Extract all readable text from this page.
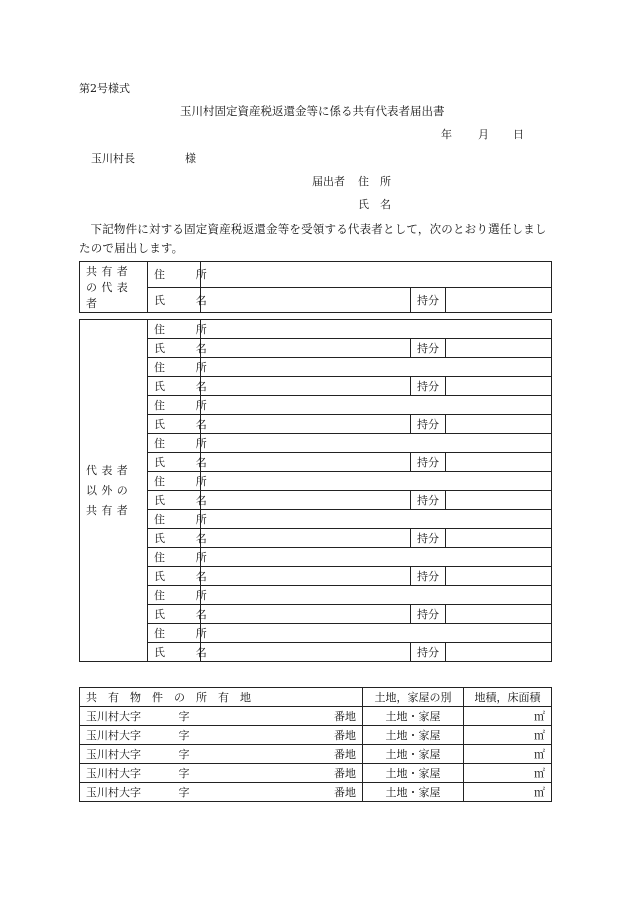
第2号様式
玉川村固定資産税返還金等に係る共有代表者届出書
年 月 日
玉川村長	様
届出者 住　所
氏　名
下記物件に対する固定資産税返還金等を受領する代表者として，次のとおり選任しましたので届出します。
共有者の代表者	住　所			
	氏　名		持分	
代表者以外の共有者	住　所			
	氏　名		持分	
	住　所			
	氏　名		持分	
	住　所			
	氏　名		持分	
	住　所			
	氏　名		持分	
	住　所			
	氏　名		持分	
	住　所			
	氏　名		持分	
	住　所			
	氏　名		持分	
	住　所			
	氏　名		持分	
	住　所			
	氏　名		持分	
共　有　物　件　の　所　有　地			土地，家屋の別	地積，床面積
玉川村大字	字	番地	土地・家屋	㎡
玉川村大字	字	番地	土地・家屋	㎡
玉川村大字	字	番地	土地・家屋	㎡
玉川村大字	字	番地	土地・家屋	㎡
玉川村大字	字	番地	土地・家屋	㎡
